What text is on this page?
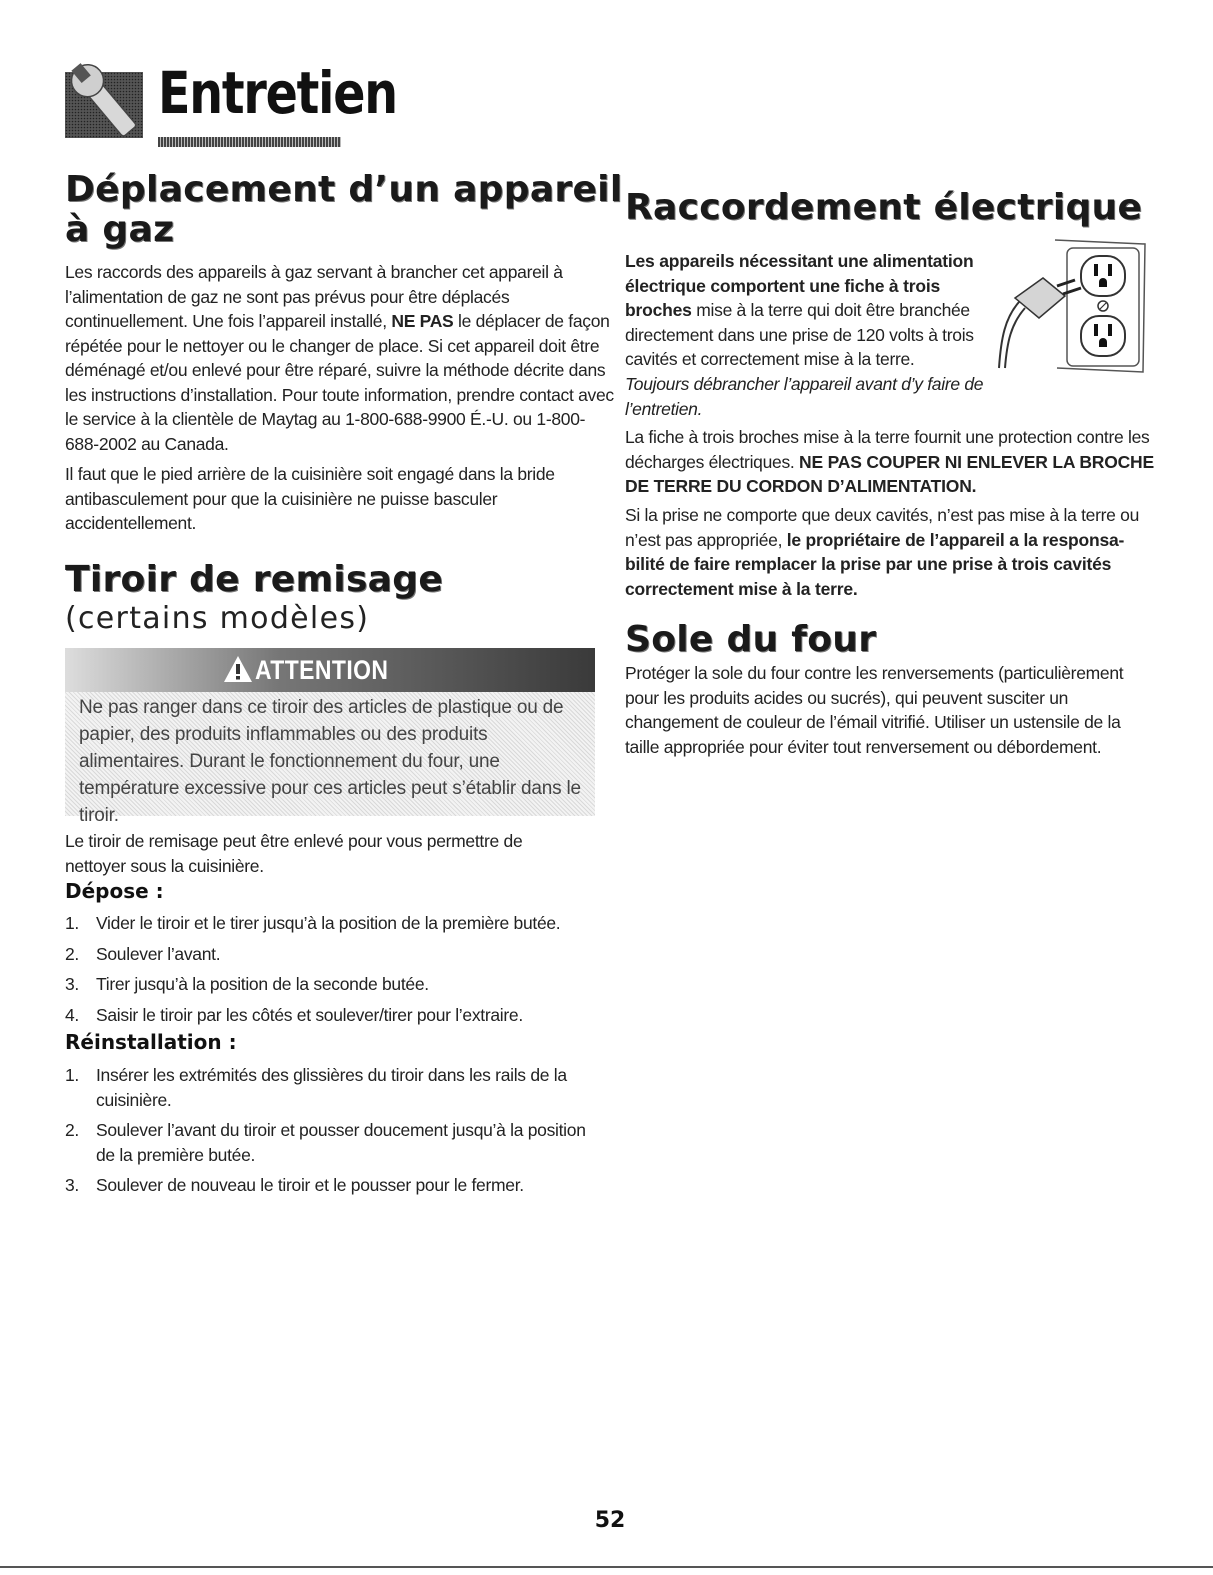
Entretien
Déplacement d’un appareil
à gaz

Les raccords des appareils à gaz servant à brancher cet appareil à l’alimentation de gaz ne sont pas prévus pour être déplacés continuellement. Une fois l’appareil installé, NE PAS le déplacer de façon répétée pour le nettoyer ou le changer de place. Si cet appareil doit être déménagé et/ou enlevé pour être réparé, suivre la méthode décrite dans les instructions d’installation. Pour toute information, prendre contact avec le service à la clientèle de Maytag au 1-800-688-9900 É.-U. ou 1-800-688-2002 au Canada.

Il faut que le pied arrière de la cuisinière soit engagé dans la bride antibasculement pour que la cuisinière ne puisse basculer accidentellement.

Tiroir de remisage
(certains modèles)
ATTENTION
Ne pas ranger dans ce tiroir des articles de plastique ou de papier, des produits inflammables ou des produits alimentaires. Durant le fonctionnement du four, une température excessive pour ces articles peut s’établir dans le tiroir.
Le tiroir de remisage peut être enlevé pour vous permettre de nettoyer sous la cuisinière.
Dépose :
1. Vider le tiroir et le tirer jusqu’à la position de la première butée.
2. Soulever l’avant.
3. Tirer jusqu’à la position de la seconde butée.
4. Saisir le tiroir par les côtés et soulever/tirer pour l’extraire.
Réinstallation :
1. Insérer les extrémités des glissières du tiroir dans les rails de la cuisinière.
2. Soulever l’avant du tiroir et pousser doucement jusqu’à la position de la première butée.
3. Soulever de nouveau le tiroir et le pousser pour le fermer.
Raccordement électrique
Les appareils nécessitant une alimentation électrique comportent une fiche à trois broches mise à la terre qui doit être branchée directement dans une prise de 120 volts à trois cavités et correctement mise à la terre.
Toujours débrancher l’appareil avant d’y faire de l’entretien.
La fiche à trois broches mise à la terre fournit une protection contre les décharges électriques. NE PAS COUPER NI ENLEVER LA BROCHE DE TERRE DU CORDON D’ALIMENTATION.
Si la prise ne comporte que deux cavités, n’est pas mise à la terre ou n’est pas appropriée, le propriétaire de l’appareil a la responsa-bilité de faire remplacer la prise par une prise à trois cavités correctement mise à la terre.
Sole du four
Protéger la sole du four contre les renversements (particulièrement pour les produits acides ou sucrés), qui peuvent susciter un changement de couleur de l’émail vitrifié. Utiliser un ustensile de la taille appropriée pour éviter tout renversement ou débordement.
52
